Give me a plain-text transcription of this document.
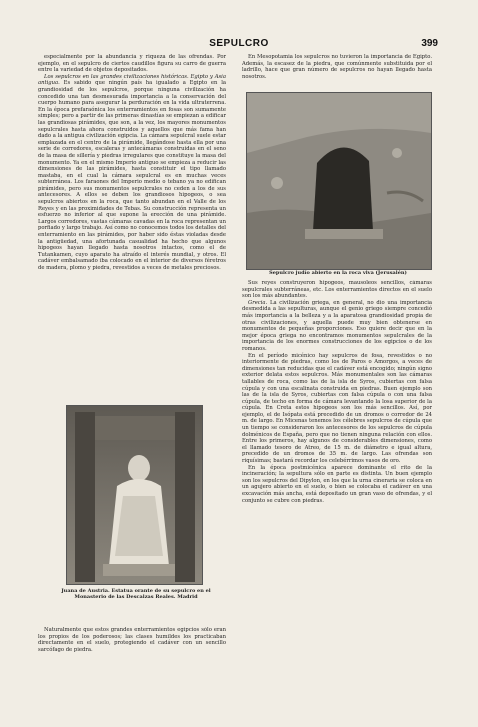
SEPULCRO	399

especialmente por la abundancia y riqueza de las ofrendas. Por ejemplo, en el sepulcro de ciertos caudillos figura su carro de guerra entre la variedad de objetos depositados.

Los sepulcros en las grandes civilizaciones históricas. Egipto y Asia antigua. Es sabido que ningún país ha igualado a Egipto en la grandiosidad de los sepulcros, porque ninguna civilización ha concedido una tan desmesurada importancia a la conservación del cuerpo humano para asegurar la perduración en la vida ultraterrena. En la época prefaraónica los enterramientos en fosas son sumamente simples; pero a partir de las primeras dinastías se empiezan a edificar las grandiosas pirámides, que son, a la vez, los mayores monumentos sepulcrales hasta ahora construidos y aquellos que más fama han dado a la antigua civilización egipcia. La cámara sepulcral suele estar emplazada en el centro de la pirámide, llegándose hasta ella por una serie de corredores, escaleras y antecámaras construidas en el seno de la masa de sillería y piedras irregulares que constituye la masa del monumento. Ya en el mismo Imperio antiguo se empieza a reducir las dimensiones de las pirámides, hasta constituir el tipo llamado mastaba, en el cual la cámara sepulcral es en muchas veces subterránea. Los faraones del Imperio medio o tebano ya no edifican pirámides, pero sus monumentos sepulcrales no ceden a los de sus antecesores. A ellos se deben los grandiosos hipogeos, o sea sepulcros abiertos en la roca, que tanto abundan en el Valle de los Reyes y en las proximidades de Tebas. Su construcción representa un esfuerzo no inferior al que supone la erección de una pirámide. Largos corredores, vastas cámaras cavadas en la roca representan un porfiado y largo trabajo. Así como no conocemos todos los detalles del enterramiento en las pirámides, por haber sido éstas violadas desde la antigüedad, una afortunada casualidad ha hecho que algunos hipogeos hayan llegado hasta nosotros intactos, como el de Tutankamen, cuyo aparato ha atraído el interés mundial, y otros. El cadáver embalsamado iba colocado en el interior de diversos féretros de madera, plomo y piedra, revestidos a veces de metales preciosos.

Juana de Austria. Estatua orante de su sepulcro en el Monasterio de las Descalzas Reales. Madrid

Naturalmente que estos grandes enterramientos egipcios sólo eran los propios de los poderosos; las clases humildes los practicaban directamente en el suelo, protegiendo el cadáver con un sencillo sarcófago de piedra.

En Mesopotamia los sepulcros no tuvieron la importancia de Egipto. Además, la escasez de la piedra, que comúnmente substituida por el ladrillo, hace que gran número de sepulcros no hayan llegado hasta nosotros.

Sepulcro judío abierto en la roca viva (Jerusalén)

Sus reyes construyeron hipogeos, mausoleos sencillos, cámaras sepulcrales subterráneas, etc. Los enterramientos directos en el suelo son los más abundantes.

Grecia. La civilización griega, en general, no dio una importancia desmedida a las sepulturas, aunque el genio griego siempre concedió más importancia a la belleza y a la aparatosa grandiosidad propia de otras civilizaciones, y aquella puede muy bien obtenerse en monumentos de pequeñas proporciones. Eso quiere decir que en la mejor época griega no encontramos monumentos sepulcrales de la importancia de los enormes construcciones de los egipcios o de los romanos.

En el período micénico hay sepulcros de fosa, revestidos o no interiormente de piedras, como los de Paros o Amorgos, a veces de dimensiones tan reducidas que el cadáver está encogido; ningún signo exterior delata estos sepulcros. Más monumentales son las cámaras tallables de roca, como las de la isla de Syros, cubiertas con falsa cúpula y con una escalinata construida en piedras. Buen ejemplo son las de la isla de Syros, cubiertas con falsa cúpula o con una falsa cúpula, de techo en forma de cámara levantando la losa superior de la cúpula. En Creta estos hipogeos son los más sencillos. Así, por ejemplo, el de Isópata está precedido de un dromos o corredor de 24 m. de largo. En Micenas tenemos los célebres sepulcros de cúpula que un tiempo se consideraron los antecesores de los sepulcros de cúpula dolménicos de España, pero que no tienen ninguna relación con ellos. Entre los primeros, hay algunos de considerables dimensiones, como el llamado tesoro de Atreo, de 15 m. de diámetro e igual altura, precedido de un dromos de 35 m. de largo. Las ofrendas son riquísimas; bastará recordar los celebérrimos vasos de oro.

En la época postmicénica aparece dominante el rito de la incineración; la sepultura sólo en parte es distinta. Un buen ejemplo son los sepulcros del Dipylon, en los que la urna cineraria se coloca en un agujero abierto en el suelo, o bien se colocaba el cadáver en una excavación más ancha, está depositado un gran vaso de ofrendas, y el conjunto se cubre con piedras.
